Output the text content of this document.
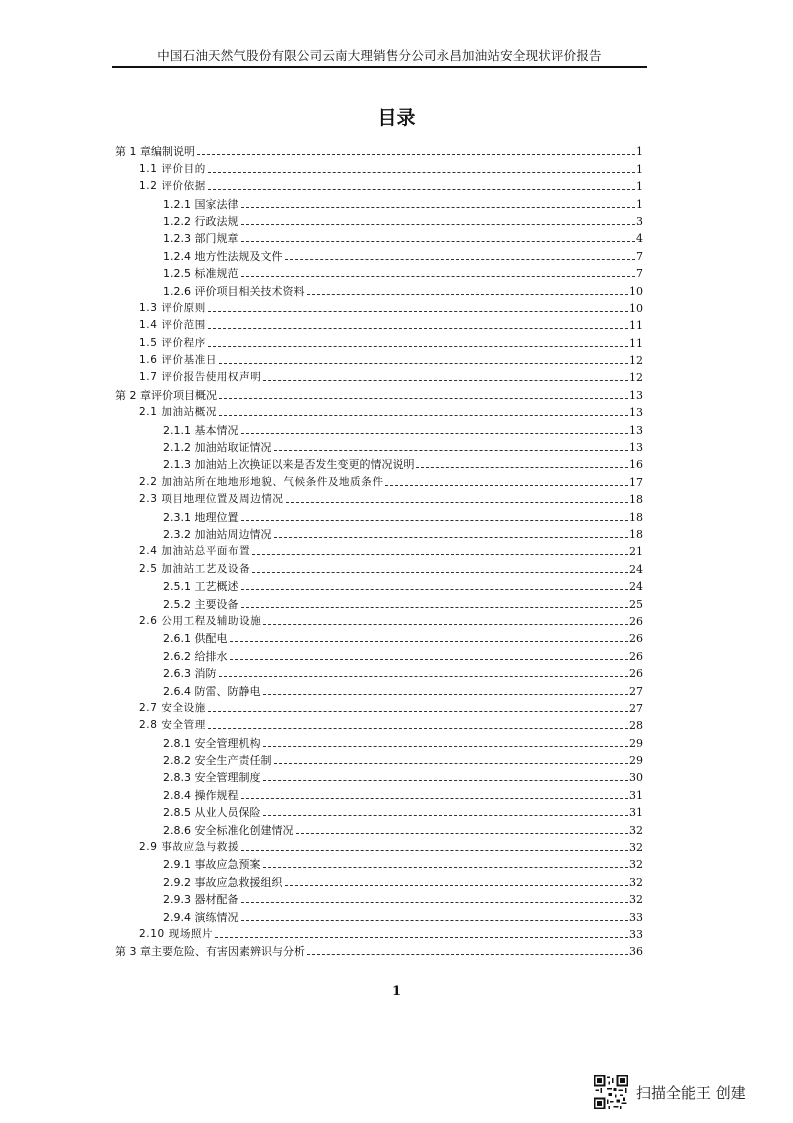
中国石油天然气股份有限公司云南大理销售分公司永昌加油站安全现状评价报告
目录
第 1 章编制说明	1
1.1 评价目的	1
1.2 评价依据	1
1.2.1 国家法律	1
1.2.2 行政法规	3
1.2.3 部门规章	4
1.2.4 地方性法规及文件	7
1.2.5 标准规范	7
1.2.6 评价项目相关技术资料	10
1.3 评价原则	10
1.4 评价范围	11
1.5 评价程序	11
1.6 评价基准日	12
1.7 评价报告使用权声明	12
第 2 章评价项目概况	13
2.1 加油站概况	13
2.1.1 基本情况	13
2.1.2 加油站取证情况	13
2.1.3 加油站上次换证以来是否发生变更的情况说明	16
2.2 加油站所在地地形地貌、气候条件及地质条件	17
2.3 项目地理位置及周边情况	18
2.3.1 地理位置	18
2.3.2 加油站周边情况	18
2.4 加油站总平面布置	21
2.5 加油站工艺及设备	24
2.5.1 工艺概述	24
2.5.2 主要设备	25
2.6 公用工程及辅助设施	26
2.6.1 供配电	26
2.6.2 给排水	26
2.6.3 消防	26
2.6.4 防雷、防静电	27
2.7 安全设施	27
2.8 安全管理	28
2.8.1 安全管理机构	29
2.8.2 安全生产责任制	29
2.8.3 安全管理制度	30
2.8.4 操作规程	31
2.8.5 从业人员保险	31
2.8.6 安全标准化创建情况	32
2.9 事故应急与救援	32
2.9.1 事故应急预案	32
2.9.2 事故应急救援组织	32
2.9.3 器材配备	32
2.9.4 演练情况	33
2.10 现场照片	33
第 3 章主要危险、有害因素辨识与分析	36
1
扫描全能王 创建
